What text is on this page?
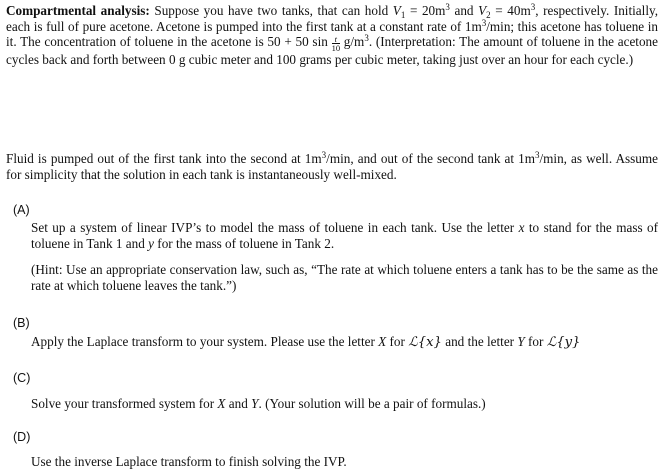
Compartmental analysis: Suppose you have two tanks, that can hold $V_1 = 20m^3$ and $V_2 = 40m^3$, respectively. Initially, each is full of pure acetone. Acetone is pumped into the first tank at a constant rate of $1m^3/\min$; this acetone has toluene in it. The concentration of toluene in the acetone is 50 + 50 $\sin \frac{t}{10} g/m^3$. (Interpretation: The amount of toluene in the acetone cycles back and forth between 0 g cubic meter and 100 grams per cubic meter, taking just over an hour for each cycle.)
Fluid is pumped out of the first tank into the second at $1m^3/\min$, and out of the second tank at $1m^3/\min$, as well. Assume for simplicity that the solution in each tank is instantaneously well-mixed.
(A)
Set up a system of linear IVP’s to model the mass of toluene in each tank. Use the letter x to stand for the mass of toluene in Tank 1 and y for the mass of toluene in Tank 2.
(Hint: Use an appropriate conservation law, such as, “The rate at which toluene enters a tank has to be the same as the rate at which toluene leaves the tank.”)
(B)
Apply the Laplace transform to your system. Please use the letter X for ℒ{x} and the letter Y for ℒ{y}
(C)
Solve your transformed system for X and Y. (Your solution will be a pair of formulas.)
(D)
Use the inverse Laplace transform to finish solving the IVP.
